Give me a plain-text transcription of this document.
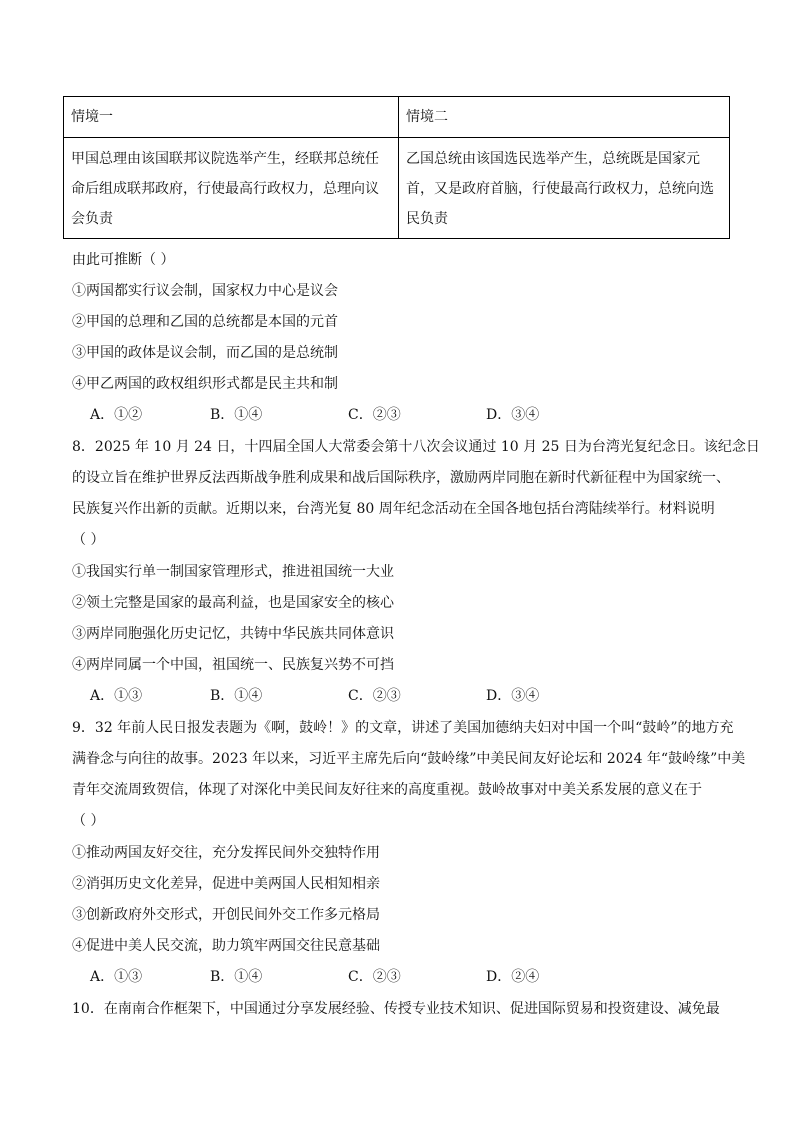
情境一	情境二
甲国总理由该国联邦议院选举产生，经联邦总统任命后组成联邦政府，行使最高行政权力，总理向议会负责	乙国总统由该国选民选举产生，总统既是国家元首，又是政府首脑，行使最高行政权力，总统向选民负责
由此可推断（ ）
①两国都实行议会制，国家权力中心是议会
②甲国的总理和乙国的总统都是本国的元首
③甲国的政体是议会制，而乙国的是总统制
④甲乙两国的政权组织形式都是民主共和制
A．①②	B．①④	C．②③	D．③④
8．2025 年 10 月 24 日，十四届全国人大常委会第十八次会议通过 10 月 25 日为台湾光复纪念日。该纪念日
的设立旨在维护世界反法西斯战争胜利成果和战后国际秩序，激励两岸同胞在新时代新征程中为国家统一、
民族复兴作出新的贡献。近期以来，台湾光复 80 周年纪念活动在全国各地包括台湾陆续举行。材料说明
（ ）
①我国实行单一制国家管理形式，推进祖国统一大业
②领土完整是国家的最高利益，也是国家安全的核心
③两岸同胞强化历史记忆，共铸中华民族共同体意识
④两岸同属一个中国，祖国统一、民族复兴势不可挡
A．①③	B．①④	C．②③	D．③④
9．32 年前人民日报发表题为《啊，鼓岭！》的文章，讲述了美国加德纳夫妇对中国一个叫“鼓岭”的地方充
满眷念与向往的故事。2023 年以来，习近平主席先后向“鼓岭缘”中美民间友好论坛和 2024 年“鼓岭缘”中美
青年交流周致贺信，体现了对深化中美民间友好往来的高度重视。鼓岭故事对中美关系发展的意义在于
（ ）
①推动两国友好交往，充分发挥民间外交独特作用
②消弭历史文化差异，促进中美两国人民相知相亲
③创新政府外交形式，开创民间外交工作多元格局
④促进中美人民交流，助力筑牢两国交往民意基础
A．①③	B．①④	C．②③	D．②④
10．在南南合作框架下，中国通过分享发展经验、传授专业技术知识、促进国际贸易和投资建设、减免最
